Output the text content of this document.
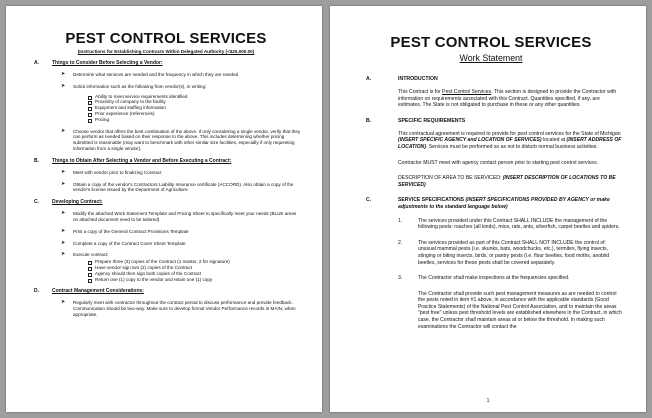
PEST CONTROL SERVICES
(Instructions for Establishing Contracts Within Delegated Authority (<$25,000.00)
A.	Things to Consider Before Selecting a Vendor:
➤ Determine what services are needed and the frequency in which they are needed
➤ Solicit information such as the following from vendor(s), in writing:
Ability to meet service requirements identified
Proximity of company to the facility
Equipment and staffing information
Prior experience (references)
Pricing
➤ Choose vendor that offers the best combination of the above. If only considering a single vendor, verify that they can perform as needed based on their response to the above. This includes determining whether pricing submitted is reasonable (may want to benchmark with other similar size facilities, especially if only requesting information from a single vendor).
B.	Things to Obtain After Selecting a Vendor and Before Executing a Contract:
➤ Meet with vendor prior to finalizing Contract
➤ Obtain a copy of the vendor's Contractors Liability Insurance certificate (ACCORD). Also obtain a copy of the vendor's license issued by the Department of Agriculture.
C.	Developing Contract:
➤ Modify the attached Work Statement Template and Pricing Sheet to specifically meet your needs (BLUE areas on attached document need to be tailored)
➤ Print a copy of the General Contract Provisions Template
➤ Complete a copy of the Contract Cover Sheet Template
➤ Execute contract:
Prepare three (3) copies of the Contract (1 master, 2 for signature)
Have vendor sign two (2) copies of the Contract
Agency should then sign both copies of the Contract
Return one (1) copy to the vendor and retain one (1) copy
D.	Contract Management Considerations:
➤ Regularly meet with contractor throughout the contract period to discuss performance and provide feedback. Communication should be two-way. Make sure to develop formal Vendor Performance records in MAIN, when appropriate.
PEST CONTROL SERVICES
Work Statement
A.	INTRODUCTION
This Contract is for Pest Control Services. This section is designed to provide the Contractor with information on requirements associated with this Contract. Quantities specified, if any, are estimates. The State is not obligated to purchase in these or any other quantities.
B.	SPECIFIC REQUIREMENTS
This contractual agreement is required to provide for pest control services for the State of Michigan (INSERT SPECIFIC AGENCY and LOCATION OF SERVICES) located at (INSERT ADDRESS OF LOCATION). Services must be performed so as not to disturb normal business activities.
Contractor MUST meet with agency contact person prior to starting pest control services.
DESCRIPTION OF AREA TO BE SERVICED: (INSERT DESCRIPTION OF LOCATIONS TO BE SERVICED)
C.	SERVICE SPECIFICATIONS (INSERT SPECIFICATIONS PROVIDED BY AGENCY or make adjustments to the standard language below)
1.	The services provided under this Contract SHALL INCLUDE the management of the following pests: roaches (all kinds), mice, rats, ants, silverfish, carpet beetles and spiders.
2.	The services provided as part of this Contract SHALL NOT INCLUDE the control of: unusual mammal pests (i.e. skunks, bats, woodchucks, etc.), termites, flying insects, stinging or biting insects, birds, or pantry pests (i.e. flour beetles, food moths, anobiid beetles, services for these pests shall be covered separately.
3.	The Contractor shall make inspections at the frequencies specified.
The Contractor shall provide such pest management measures as are needed to control the pests noted in item #1 above, in accordance with the applicable standards (Good Practice Statements) of the National Pest Control Association, and to maintain the areas "pest free" unless pest threshold levels are established elsewhere in the Contract, in which case, the Contractor shall maintain areas at or below the threshold. In making such examinations the Contractor will contact the
1
